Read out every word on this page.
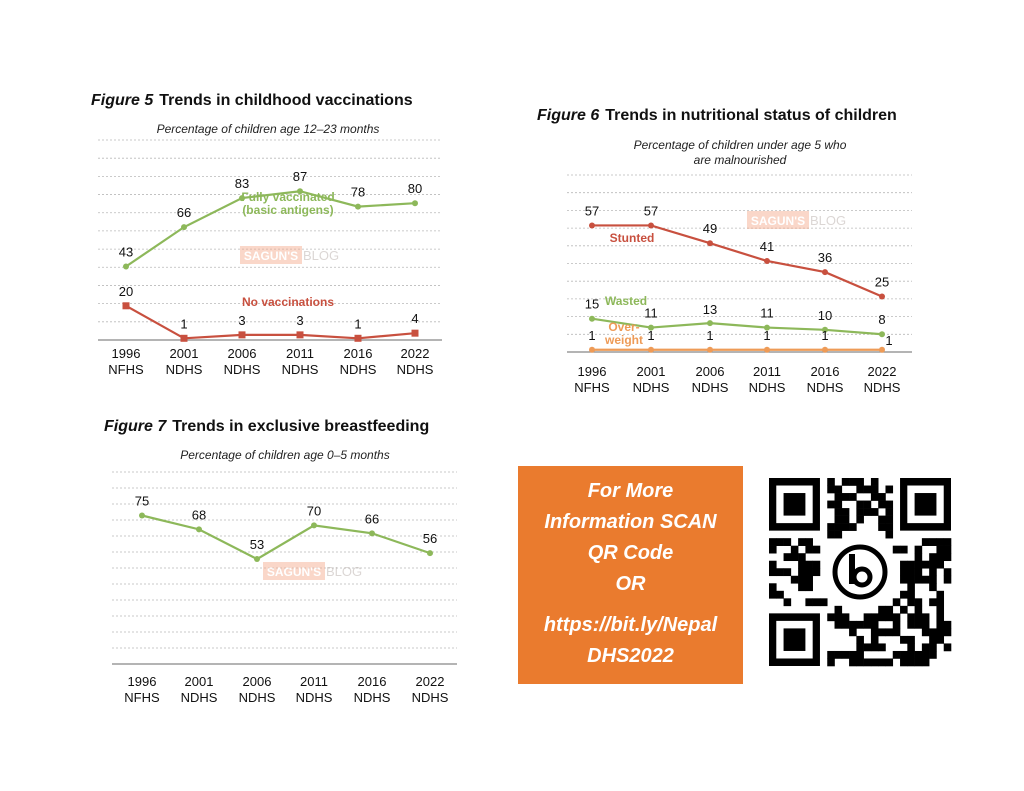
Figure 5 Trends in childhood vaccinations
Percentage of children age 12–23 months
Figure 6 Trends in nutritional status of children
Percentage of children under age 5 who
are malnourished
Figure 7 Trends in exclusive breastfeeding
Percentage of children age 0–5 months
SAGUN'S BLOG
1996
NFHS
2001
NDHS
2006
NDHS
2011
NDHS
2016
NDHS
2022
NDHS
43
66
83	87
78	80
Fully vaccinated
(basic antigens)
20
1	3	3	1	4
No vaccinations
SAGUN'S BLOG
1996
NFHS
2001
NDHS
2006
NDHS
2011
NDHS
2016
NDHS
2022
NDHS
57	57
49
41
36
25
Stunted
15
11	13	11	10	8
Wasted
1	1	1	1	1	1
Over-
weight
SAGUN'S BLOG
1996
NFHS
2001
NDHS
2006
NDHS
2011
NDHS
2016
NDHS
2022
NDHS
75
68
53
70
66
56
For More
Information SCAN
QR Code
OR
https://bit.ly/Nepal
DHS2022
